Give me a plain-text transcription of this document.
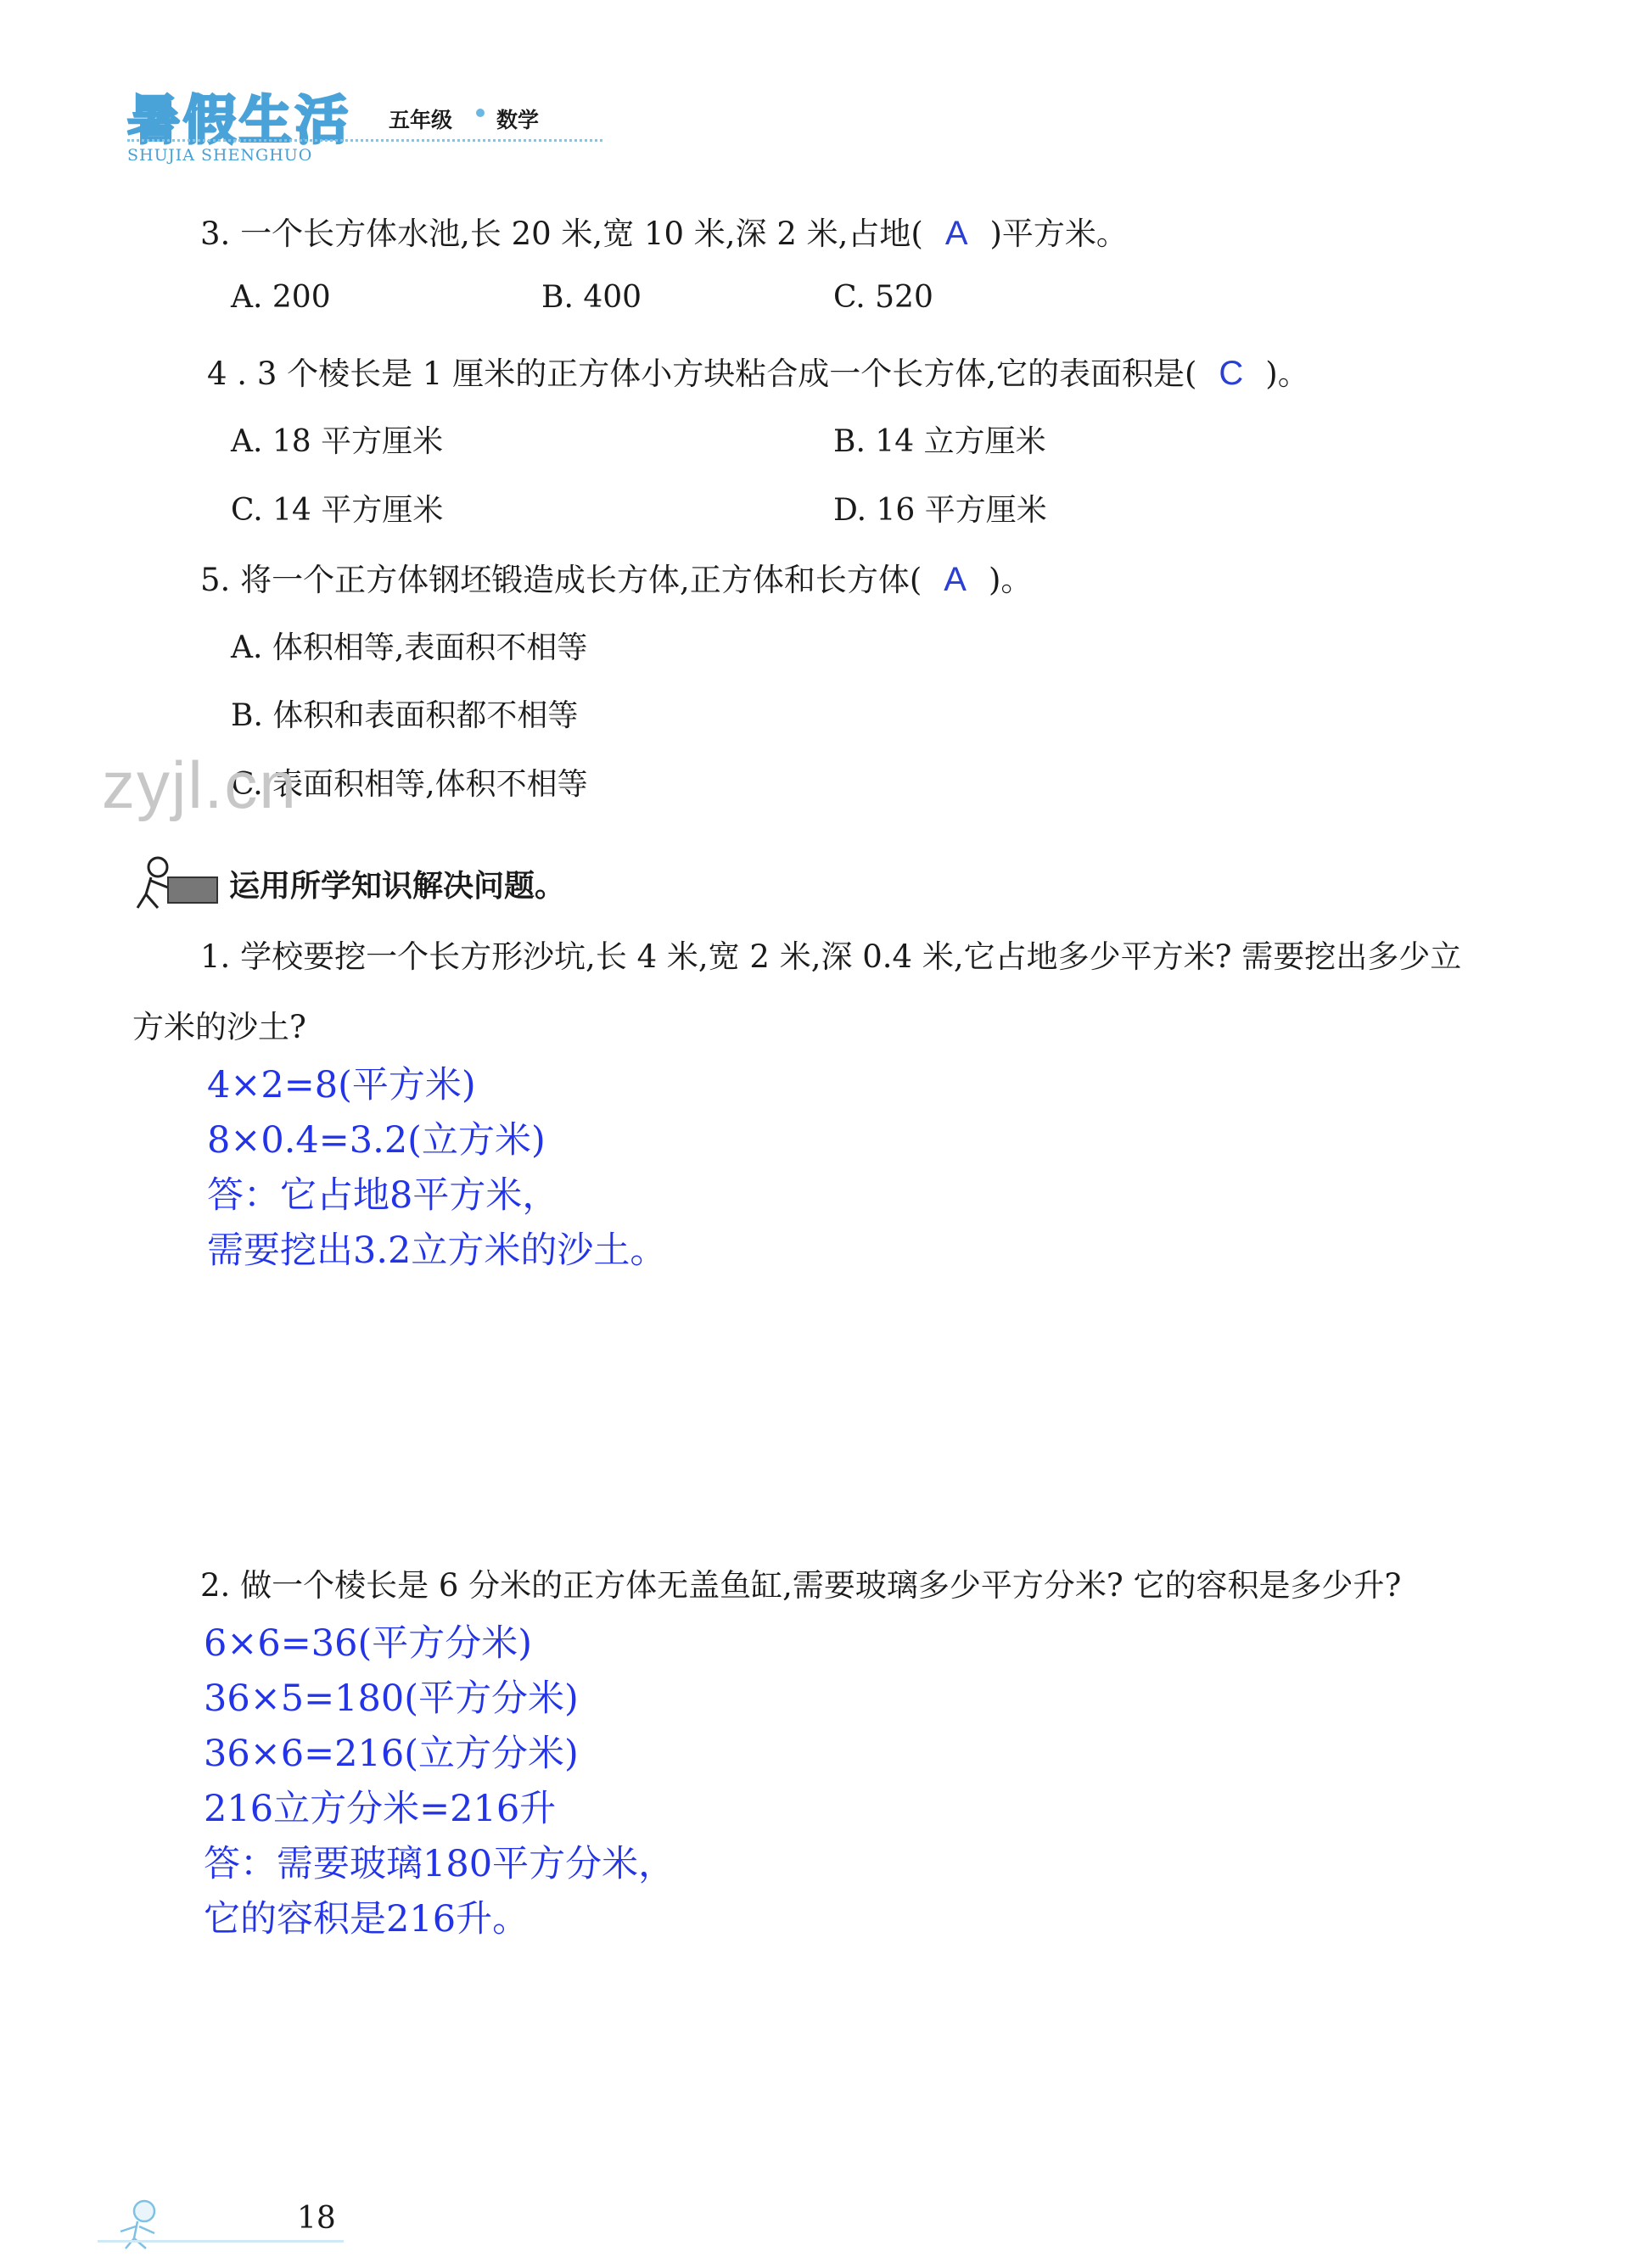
暑假生活 五年级 数学
SHUJIA SHENGHUO
3. 一个长方体水池,长 20 米,宽 10 米,深 2 米,占地( A )平方米。
A. 200	B. 400	C. 520
4 . 3 个棱长是 1 厘米的正方体小方块粘合成一个长方体,它的表面积是( C )。
A. 18 平方厘米	B. 14 立方厘米
C. 14 平方厘米	D. 16 平方厘米
5. 将一个正方体钢坯锻造成长方体,正方体和长方体( A )。
A. 体积相等,表面积不相等
B. 体积和表面积都不相等
C. 表面积相等,体积不相等
zyjl.cn
运用所学知识解决问题。
1. 学校要挖一个长方形沙坑,长 4 米,宽 2 米,深 0.4 米,它占地多少平方米? 需要挖出多少立
方米的沙土?
4×2=8(平方米)
8×0.4=3.2(立方米)
答：它占地8平方米，
需要挖出3.2立方米的沙土。
2. 做一个棱长是 6 分米的正方体无盖鱼缸,需要玻璃多少平方分米? 它的容积是多少升?
6×6=36(平方分米)
36×5=180(平方分米)
36×6=216(立方分米)
216立方分米=216升
答：需要玻璃180平方分米，
它的容积是216升。
18
